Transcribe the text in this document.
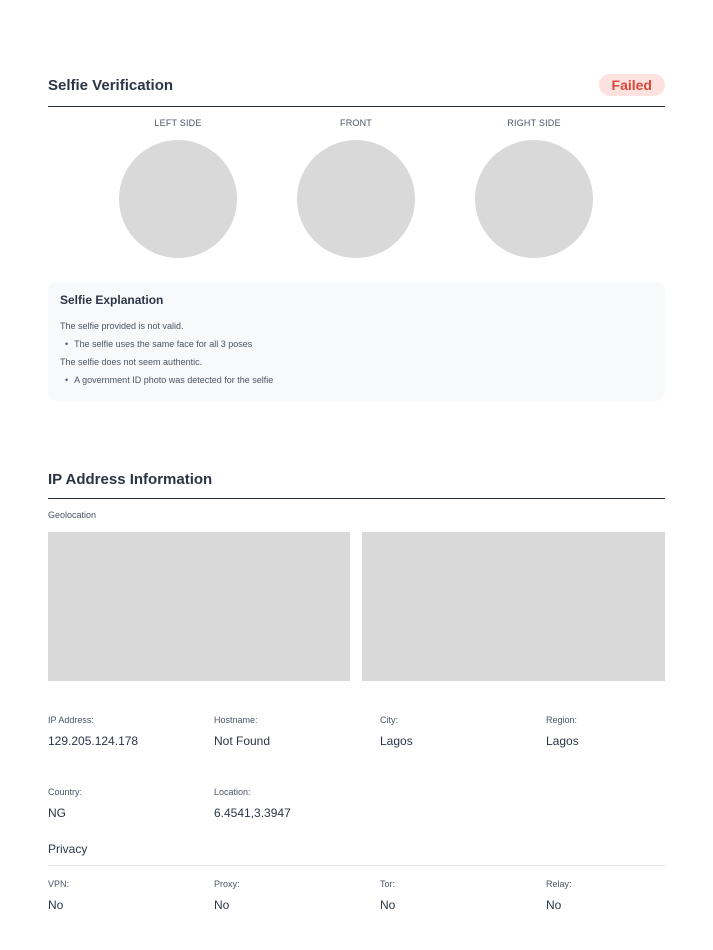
Selfie Verification	Failed
LEFT SIDE	FRONT	RIGHT SIDE
Selfie Explanation
The selfie provided is not valid.
• The selfie uses the same face for all 3 poses
The selfie does not seem authentic.
• A government ID photo was detected for the selfie
IP Address Information
Geolocation
IP Address:
129.205.124.178
Hostname:
Not Found
City:
Lagos
Region:
Lagos
Country:
NG
Location:
6.4541,3.3947
Privacy
VPN:
No
Proxy:
No
Tor:
No
Relay:
No
